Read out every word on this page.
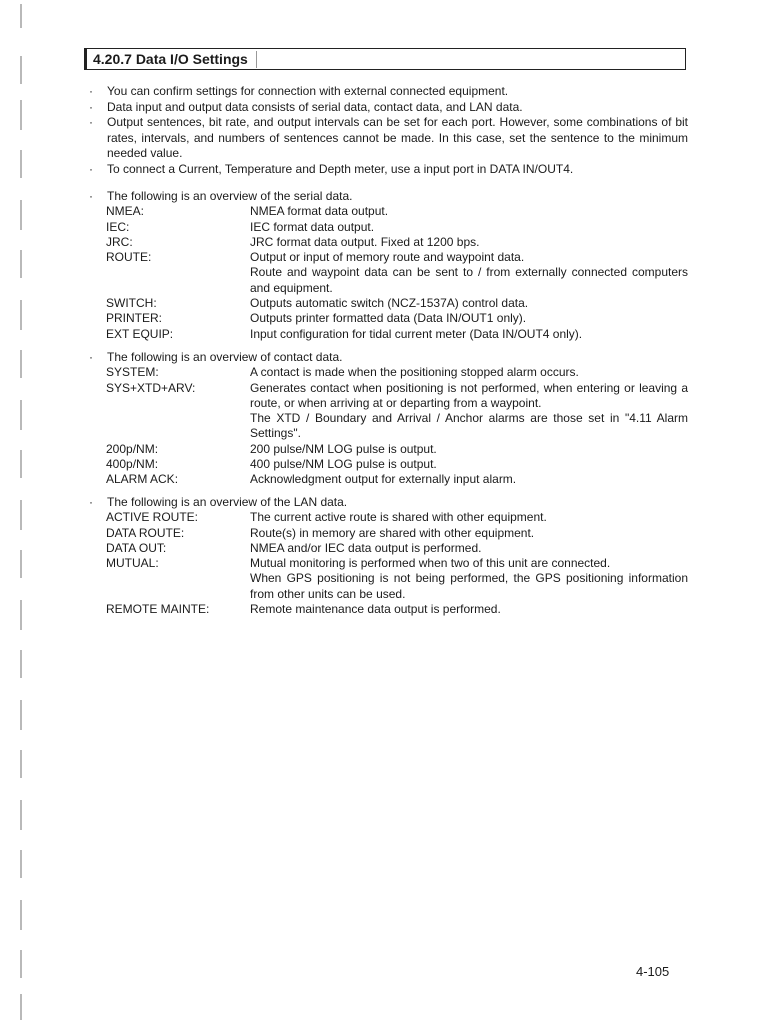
4.20.7 Data I/O Settings
· You can confirm settings for connection with external connected equipment.
· Data input and output data consists of serial data, contact data, and LAN data.
· Output sentences, bit rate, and output intervals can be set for each port. However, some combinations of bit rates, intervals, and numbers of sentences cannot be made. In this case, set the sentence to the minimum needed value.
· To connect a Current, Temperature and Depth meter, use a input port in DATA IN/OUT4.
· The following is an overview of the serial data.
NMEA:	NMEA format data output.
IEC:	IEC format data output.
JRC:	JRC format data output. Fixed at 1200 bps.
ROUTE:	Output or input of memory route and waypoint data.
Route and waypoint data can be sent to / from externally connected computers and equipment.
SWITCH:	Outputs automatic switch (NCZ-1537A) control data.
PRINTER:	Outputs printer formatted data (Data IN/OUT1 only).
EXT EQUIP:	Input configuration for tidal current meter (Data IN/OUT4 only).
· The following is an overview of contact data.
SYSTEM:	A contact is made when the positioning stopped alarm occurs.
SYS+XTD+ARV:	Generates contact when positioning is not performed, when entering or leaving a route, or when arriving at or departing from a waypoint.
The XTD / Boundary and Arrival / Anchor alarms are those set in "4.11 Alarm Settings".
200p/NM:	200 pulse/NM LOG pulse is output.
400p/NM:	400 pulse/NM LOG pulse is output.
ALARM ACK:	Acknowledgment output for externally input alarm.
· The following is an overview of the LAN data.
ACTIVE ROUTE:	The current active route is shared with other equipment.
DATA ROUTE:	Route(s) in memory are shared with other equipment.
DATA OUT:	NMEA and/or IEC data output is performed.
MUTUAL:	Mutual monitoring is performed when two of this unit are connected.
When GPS positioning is not being performed, the GPS positioning information from other units can be used.
REMOTE MAINTE:	Remote maintenance data output is performed.
4-105
